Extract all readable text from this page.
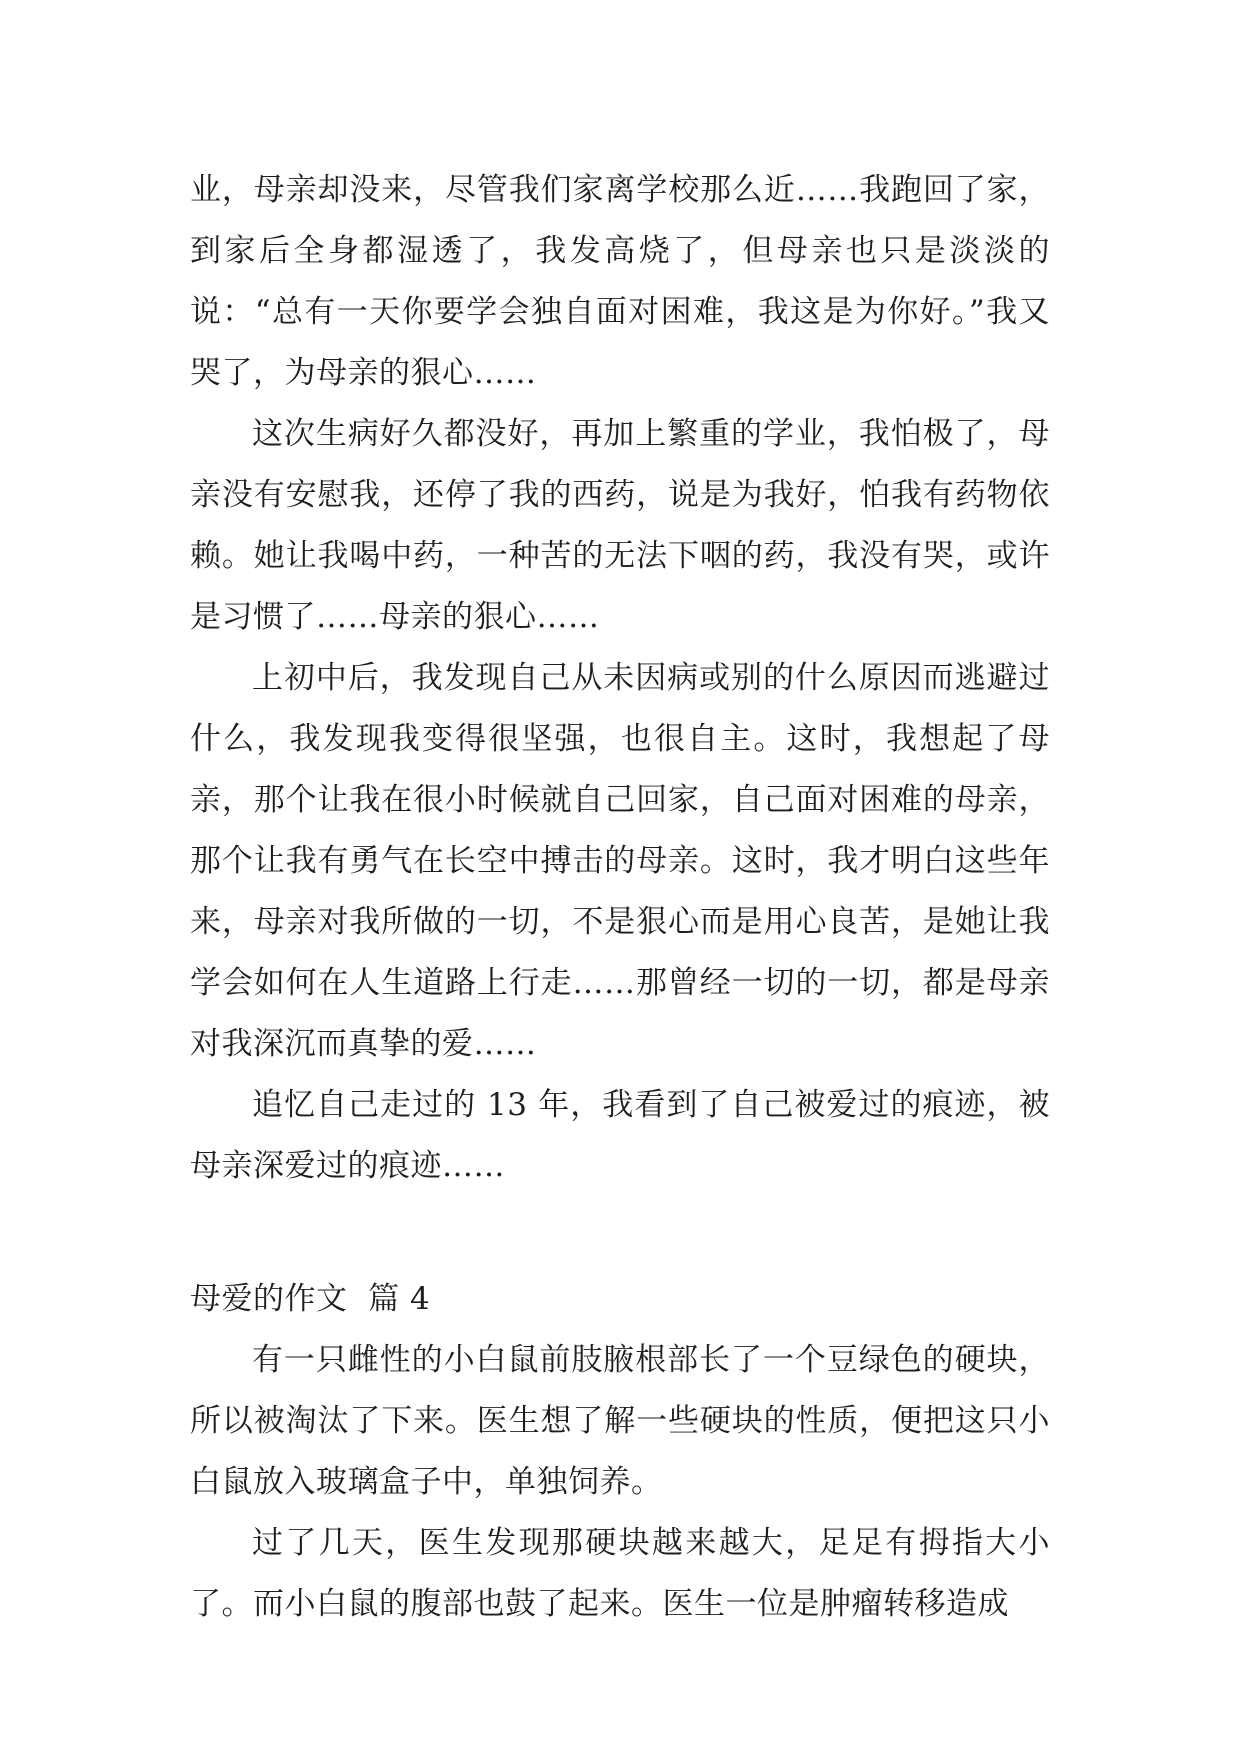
业，母亲却没来，尽管我们家离学校那么近……我跑回了家，到家后全身都湿透了，我发高烧了，但母亲也只是淡淡的说：“总有一天你要学会独自面对困难，我这是为你好。”我又哭了，为母亲的狠心……

这次生病好久都没好，再加上繁重的学业，我怕极了，母亲没有安慰我，还停了我的西药，说是为我好，怕我有药物依赖。她让我喝中药，一种苦的无法下咽的药，我没有哭，或许是习惯了……母亲的狠心……

上初中后，我发现自己从未因病或别的什么原因而逃避过什么，我发现我变得很坚强，也很自主。这时，我想起了母亲，那个让我在很小时候就自己回家，自己面对困难的母亲，那个让我有勇气在长空中搏击的母亲。这时，我才明白这些年来，母亲对我所做的一切，不是狠心而是用心良苦，是她让我学会如何在人生道路上行走……那曾经一切的一切，都是母亲对我深沉而真挚的爱……

追忆自己走过的 13 年，我看到了自己被爱过的痕迹，被母亲深爱过的痕迹……

母爱的作文  篇 4

有一只雌性的小白鼠前肢腋根部长了一个豆绿色的硬块，所以被淘汰了下来。医生想了解一些硬块的性质，便把这只小白鼠放入玻璃盒子中，单独饲养。

过了几天，医生发现那硬块越来越大，足足有拇指大小了。而小白鼠的腹部也鼓了起来。医生一位是肿瘤转移造成
